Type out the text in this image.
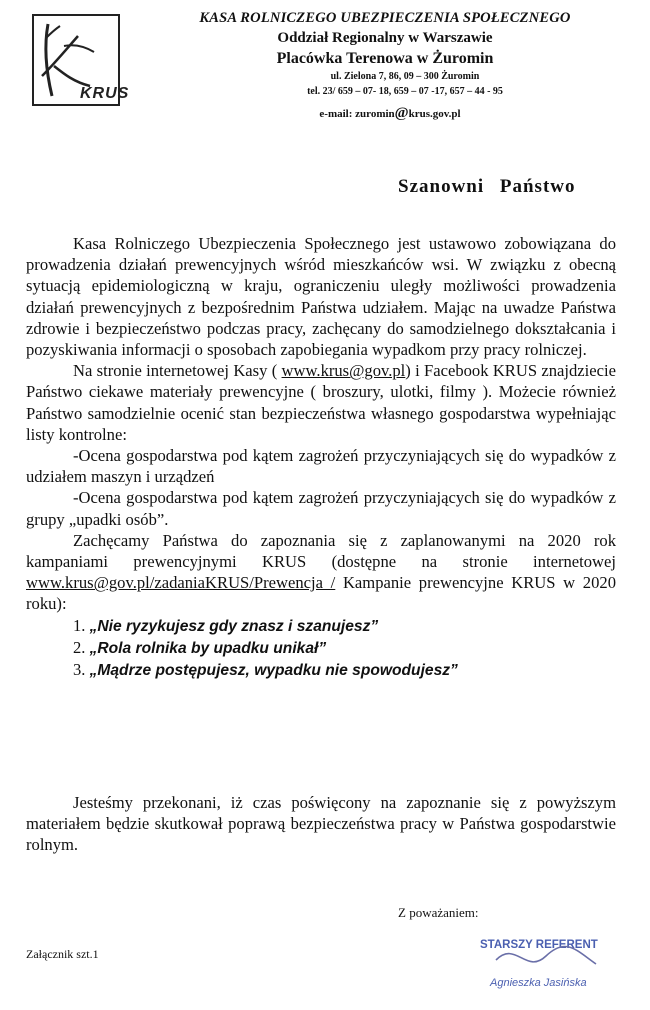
KRUS
KASA ROLNICZEGO UBEZPIECZENIA SPOŁECZNEGO
Oddział Regionalny w Warszawie
Placówka Terenowa w Żuromin
ul. Zielona 7, 86, 09 – 300 Żuromin
tel. 23/ 659 – 07- 18, 659 – 07 -17, 657 – 44 - 95
e-mail: zuromin@krus.gov.pl
Szanowni Państwo

Kasa Rolniczego Ubezpieczenia Społecznego jest ustawowo zobowiązana do prowadzenia działań prewencyjnych wśród mieszkańców wsi. W związku z obecną sytuacją epidemiologiczną w kraju, ograniczeniu uległy możliwości prowadzenia działań prewencyjnych z bezpośrednim Państwa udziałem. Mając na uwadze Państwa zdrowie i bezpieczeństwo podczas pracy, zachęcany do samodzielnego dokształcania i pozyskiwania informacji o sposobach zapobiegania wypadkom przy pracy rolniczej.

Na stronie internetowej Kasy ( www.krus@gov.pl) i Facebook KRUS znajdziecie Państwo ciekawe materiały prewencyjne ( broszury, ulotki, filmy ). Możecie również Państwo samodzielnie ocenić stan bezpieczeństwa własnego gospodarstwa wypełniając listy kontrolne:

-Ocena gospodarstwa pod kątem zagrożeń przyczyniających się do wypadków z udziałem maszyn i urządzeń

-Ocena gospodarstwa pod kątem zagrożeń przyczyniających się do wypadków z grupy „upadki osób”.

Zachęcamy Państwa do zapoznania się z zaplanowanymi na 2020 rok kampaniami prewencyjnymi KRUS (dostępne na stronie internetowej www.krus@gov.pl/zadaniaKRUS/Prewencja / Kampanie prewencyjne KRUS w 2020 roku):

1. „Nie ryzykujesz gdy znasz i szanujesz”
2. „Rola rolnika by upadku unikał”
3. „Mądrze postępujesz, wypadku nie spowodujesz”
Jesteśmy przekonani, iż czas poświęcony na zapoznanie się z powyższym materiałem będzie skutkował poprawą bezpieczeństwa pracy w Państwa gospodarstwie rolnym.
Z poważaniem:
Załącznik szt.1
STARSZY REFERENT
Agnieszka Jasińska
